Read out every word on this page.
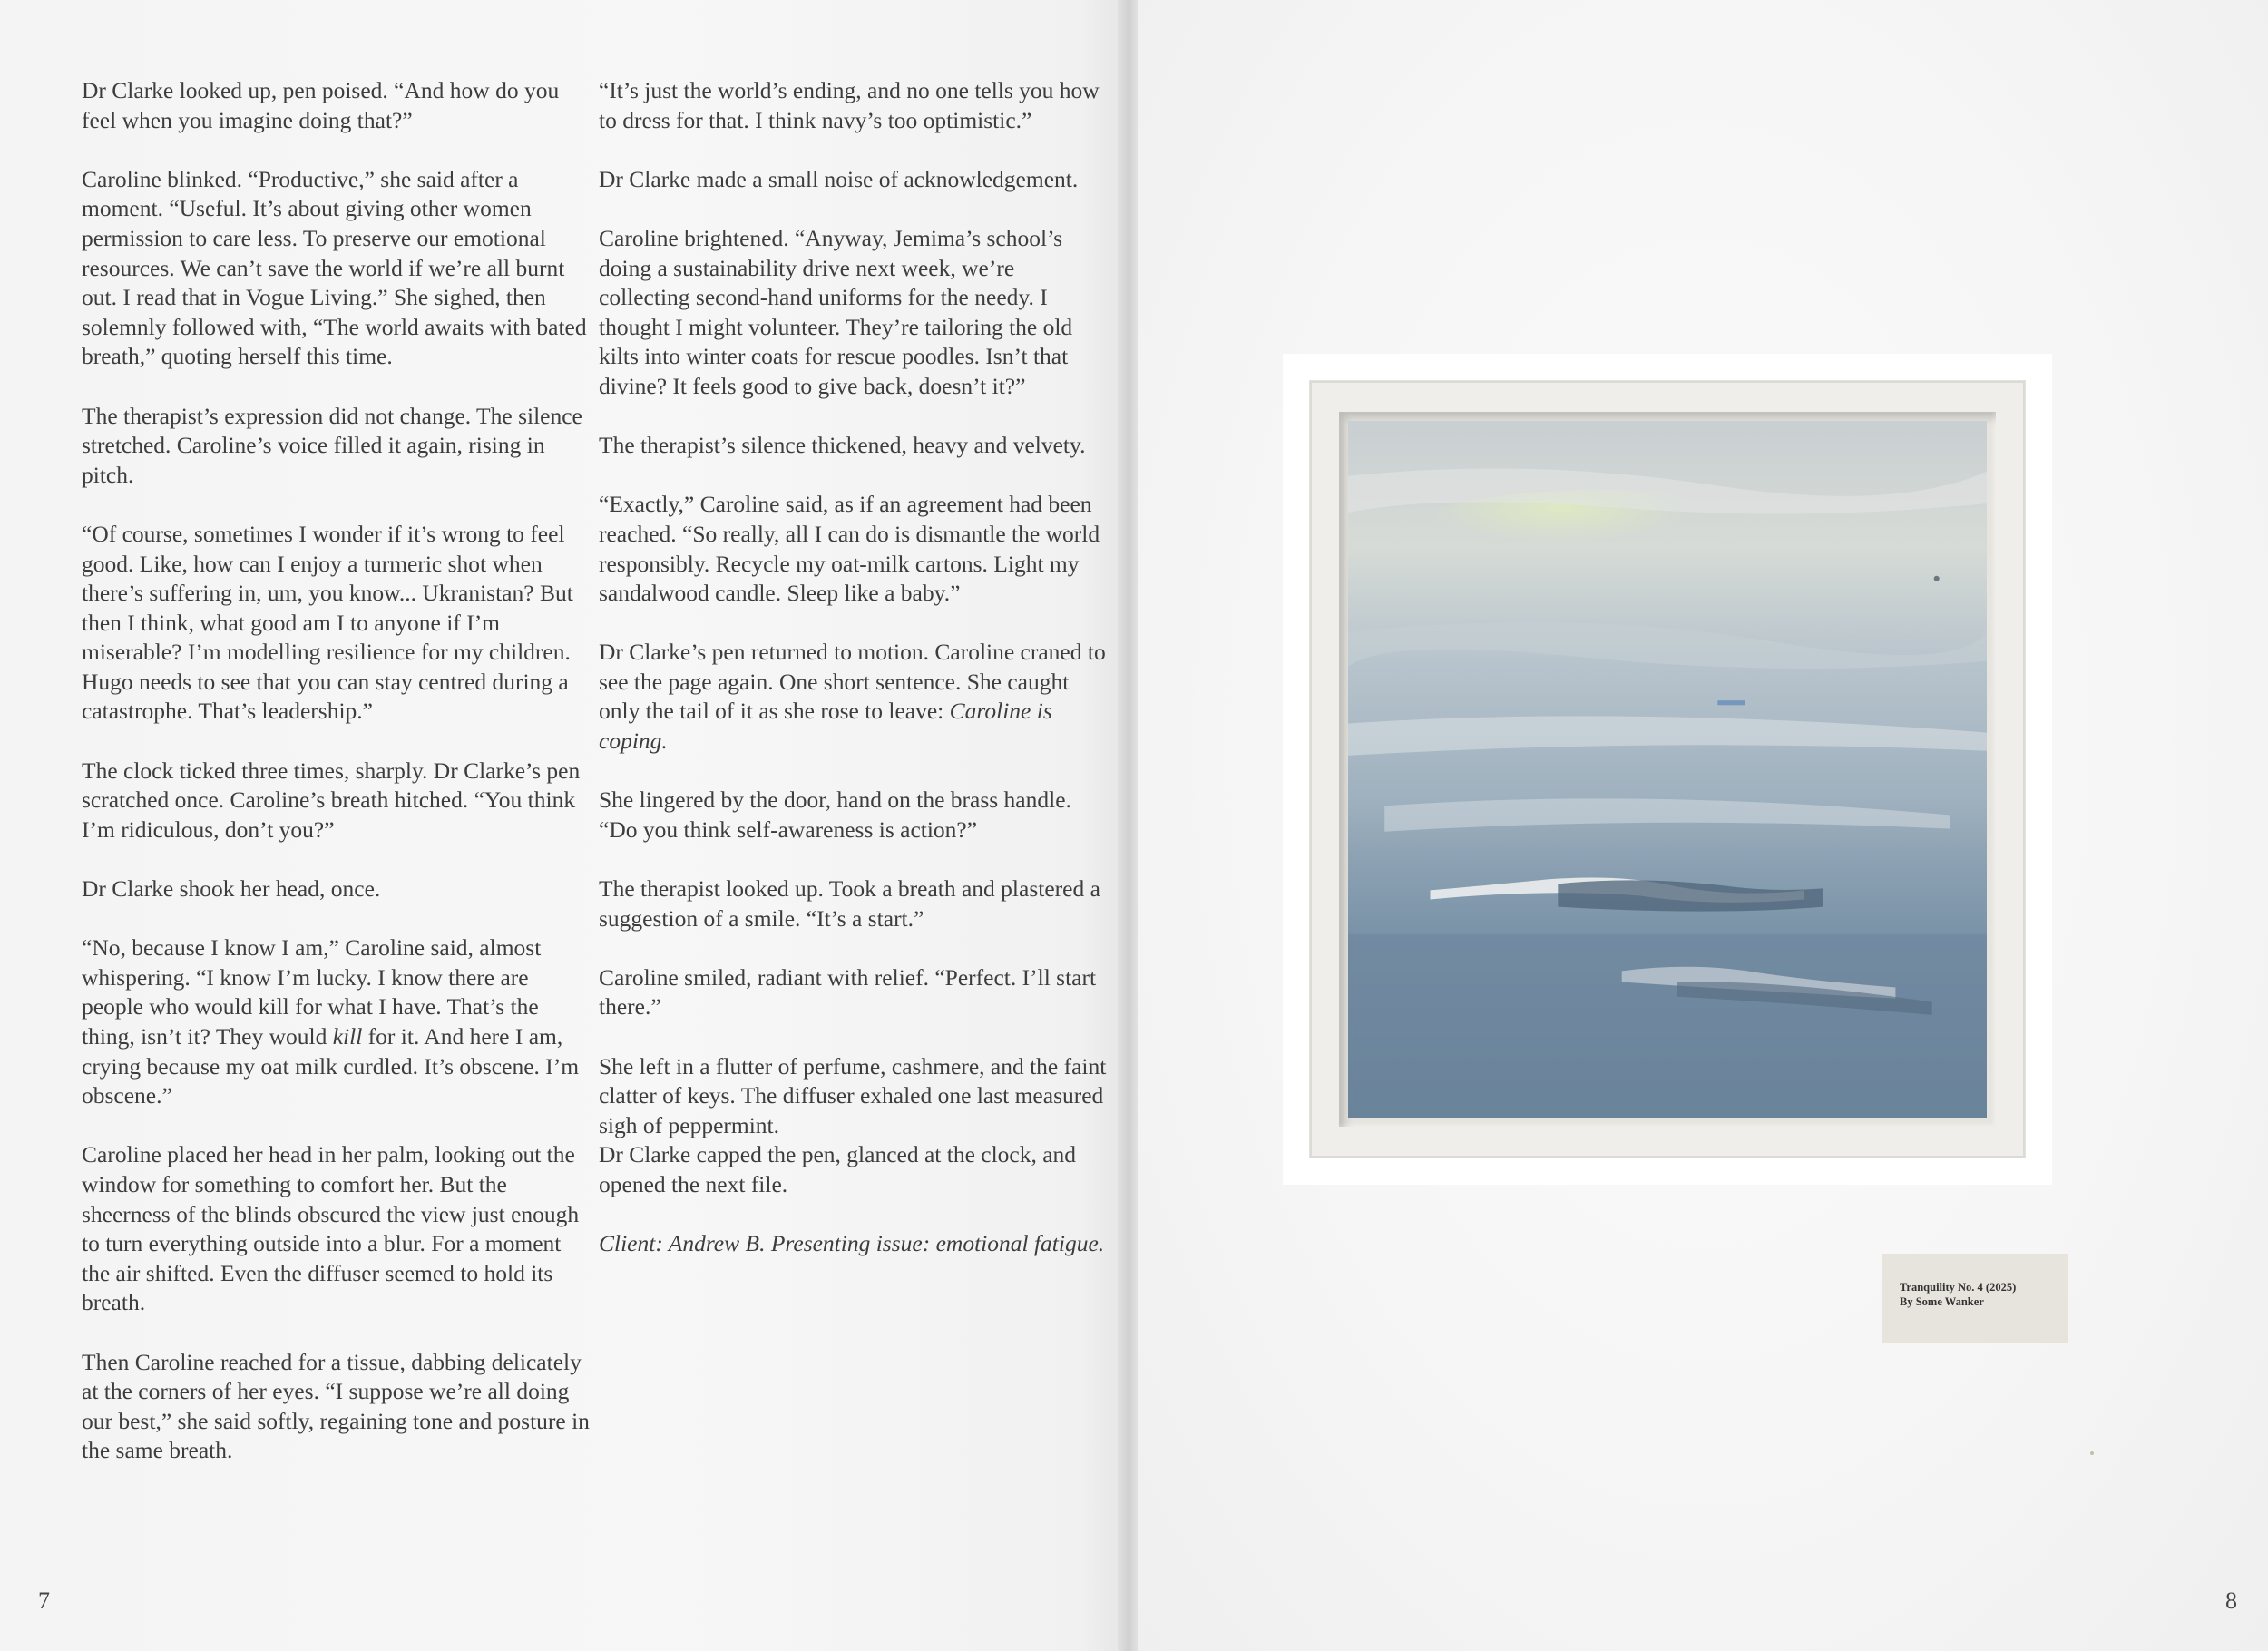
Dr Clarke looked up, pen poised. “And how do you feel when you imagine doing that?”

Caroline blinked. “Productive,” she said after a moment. “Useful. It’s about giving other women permission to care less. To preserve our emotional resources. We can’t save the world if we’re all burnt out. I read that in Vogue Living.” She sighed, then solemnly followed with, “The world awaits with bated breath,” quoting herself this time.

The therapist’s expression did not change. The silence stretched. Caroline’s voice filled it again, rising in pitch.

“Of course, sometimes I wonder if it’s wrong to feel good. Like, how can I enjoy a turmeric shot when there’s suffering in, um, you know... Ukranistan? But then I think, what good am I to anyone if I’m miserable? I’m modelling resilience for my children. Hugo needs to see that you can stay centred during a catastrophe. That’s leadership.”

The clock ticked three times, sharply. Dr Clarke’s pen scratched once. Caroline’s breath hitched. “You think I’m ridiculous, don’t you?”

Dr Clarke shook her head, once.

“No, because I know I am,” Caroline said, almost whispering. “I know I’m lucky. I know there are people who would kill for what I have. That’s the thing, isn’t it? They would kill for it. And here I am, crying because my oat milk curdled. It’s obscene. I’m obscene.”

Caroline placed her head in her palm, looking out the window for something to comfort her. But the sheerness of the blinds obscured the view just enough to turn everything outside into a blur. For a moment the air shifted. Even the diffuser seemed to hold its breath.

Then Caroline reached for a tissue, dabbing delicately at the corners of her eyes. “I suppose we’re all doing our best,” she said softly, regaining tone and posture in the same breath.

“It’s just the world’s ending, and no one tells you how to dress for that. I think navy’s too optimistic.”

Dr Clarke made a small noise of acknowledgement.

Caroline brightened. “Anyway, Jemima’s school’s doing a sustainability drive next week, we’re collecting second-hand uniforms for the needy. I thought I might volunteer. They’re tailoring the old kilts into winter coats for rescue poodles. Isn’t that divine? It feels good to give back, doesn’t it?”

The therapist’s silence thickened, heavy and velvety.

“Exactly,” Caroline said, as if an agreement had been reached. “So really, all I can do is dismantle the world responsibly. Recycle my oat-milk cartons. Light my sandalwood candle. Sleep like a baby.”

Dr Clarke’s pen returned to motion. Caroline craned to see the page again. One short sentence. She caught only the tail of it as she rose to leave: Caroline is coping.

She lingered by the door, hand on the brass handle. “Do you think self-awareness is action?”

The therapist looked up. Took a breath and plastered a suggestion of a smile. “It’s a start.”

Caroline smiled, radiant with relief. “Perfect. I’ll start there.”

She left in a flutter of perfume, cashmere, and the faint clatter of keys. The diffuser exhaled one last measured sigh of peppermint.

Dr Clarke capped the pen, glanced at the clock, and opened the next file.

Client: Andrew B. Presenting issue: emotional fatigue.

7
Tranquility No. 4 (2025)
By Some Wanker
8
